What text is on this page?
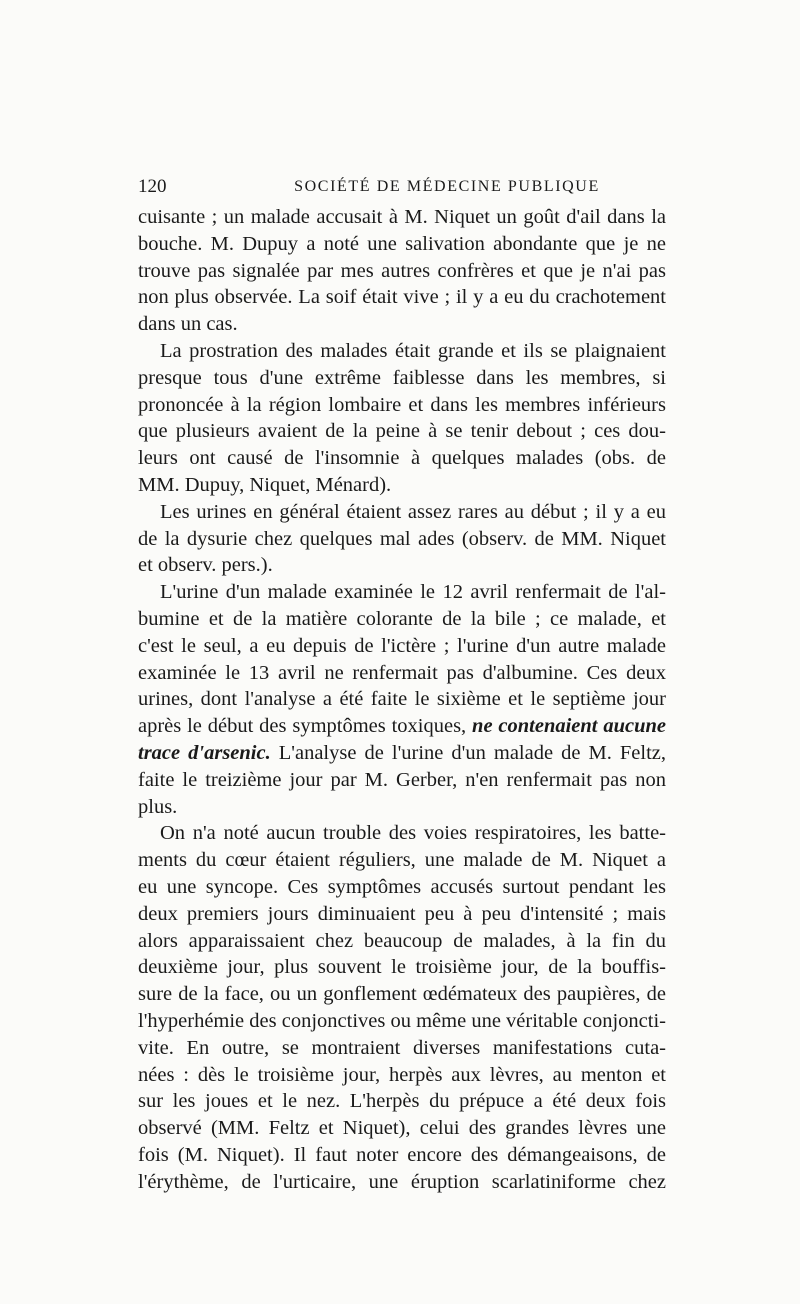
120	SOCIÉTÉ DE MÉDECINE PUBLIQUE

cuisante ; un malade accusait à M. Niquet un goût d'ail dans la
bouche. M. Dupuy a noté une salivation abondante que je ne
trouve pas signalée par mes autres confrères et que je n'ai pas
non plus observée. La soif était vive ; il y a eu du crachotement
dans un cas.

La prostration des malades était grande et ils se plaignaient
presque tous d'une extrême faiblesse dans les membres, si
prononcée à la région lombaire et dans les membres inférieurs
que plusieurs avaient de la peine à se tenir debout ; ces dou-
leurs ont causé de l'insomnie à quelques malades (obs. de
MM. Dupuy, Niquet, Ménard).

Les urines en général étaient assez rares au début ; il y a eu
de la dysurie chez quelques mal ades (observ. de MM. Niquet
et observ. pers.).

L'urine d'un malade examinée le 12 avril renfermait de l'al-
bumine et de la matière colorante de la bile ; ce malade, et
c'est le seul, a eu depuis de l'ictère ; l'urine d'un autre malade
examinée le 13 avril ne renfermait pas d'albumine. Ces deux
urines, dont l'analyse a été faite le sixième et le septième jour
après le début des symptômes toxiques, ne contenaient aucune
trace d'arsenic. L'analyse de l'urine d'un malade de M. Feltz,
faite le treizième jour par M. Gerber, n'en renfermait pas non
plus.

On n'a noté aucun trouble des voies respiratoires, les batte-
ments du cœur étaient réguliers, une malade de M. Niquet a
eu une syncope. Ces symptômes accusés surtout pendant les
deux premiers jours diminuaient peu à peu d'intensité ; mais
alors apparaissaient chez beaucoup de malades, à la fin du
deuxième jour, plus souvent le troisième jour, de la bouffis-
sure de la face, ou un gonflement œdémateux des paupières, de
l'hyperhémie des conjonctives ou même une véritable conjoncti-
vite. En outre, se montraient diverses manifestations cuta-
nées : dès le troisième jour, herpès aux lèvres, au menton et
sur les joues et le nez. L'herpès du prépuce a été deux fois
observé (MM. Feltz et Niquet), celui des grandes lèvres une
fois (M. Niquet). Il faut noter encore des démangeaisons, de
l'érythème, de l'urticaire, une éruption scarlatiniforme chez
